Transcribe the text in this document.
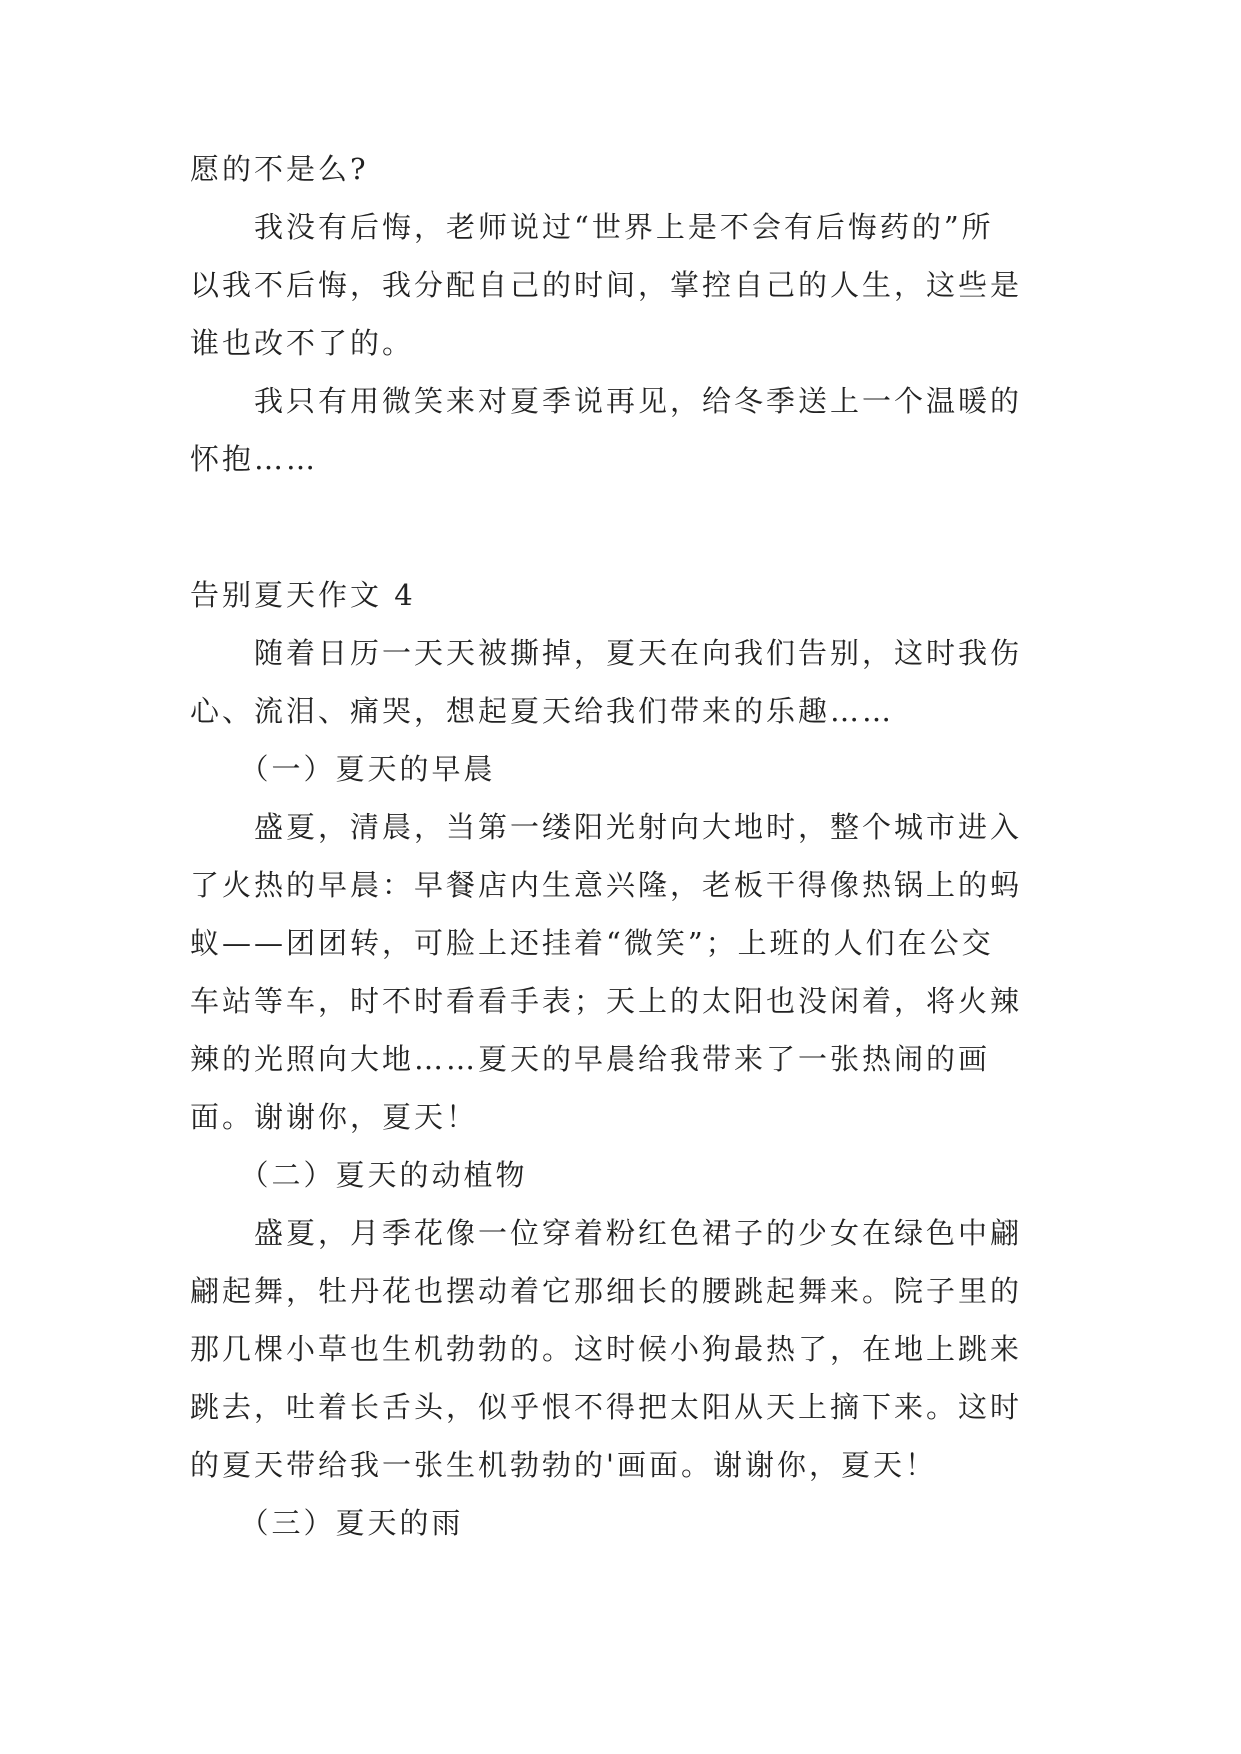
愿的不是么?

　　我没有后悔，老师说过“世界上是不会有后悔药的”所

以我不后悔，我分配自己的时间，掌控自己的人生，这些是

谁也改不了的。

　　我只有用微笑来对夏季说再见，给冬季送上一个温暖的

怀抱……

告别夏天作文 4

　　随着日历一天天被撕掉，夏天在向我们告别，这时我伤

心、流泪、痛哭，想起夏天给我们带来的乐趣……

　　（一）夏天的早晨

　　盛夏，清晨，当第一缕阳光射向大地时，整个城市进入

了火热的早晨：早餐店内生意兴隆，老板干得像热锅上的蚂

蚁——团团转，可脸上还挂着“微笑”；上班的人们在公交

车站等车，时不时看看手表；天上的太阳也没闲着，将火辣

辣的光照向大地……夏天的早晨给我带来了一张热闹的画

面。谢谢你，夏天！

　　（二）夏天的动植物

　　盛夏，月季花像一位穿着粉红色裙子的少女在绿色中翩

翩起舞，牡丹花也摆动着它那细长的腰跳起舞来。院子里的

那几棵小草也生机勃勃的。这时候小狗最热了，在地上跳来

跳去，吐着长舌头，似乎恨不得把太阳从天上摘下来。这时

的夏天带给我一张生机勃勃的'画面。谢谢你，夏天！

　　（三）夏天的雨
